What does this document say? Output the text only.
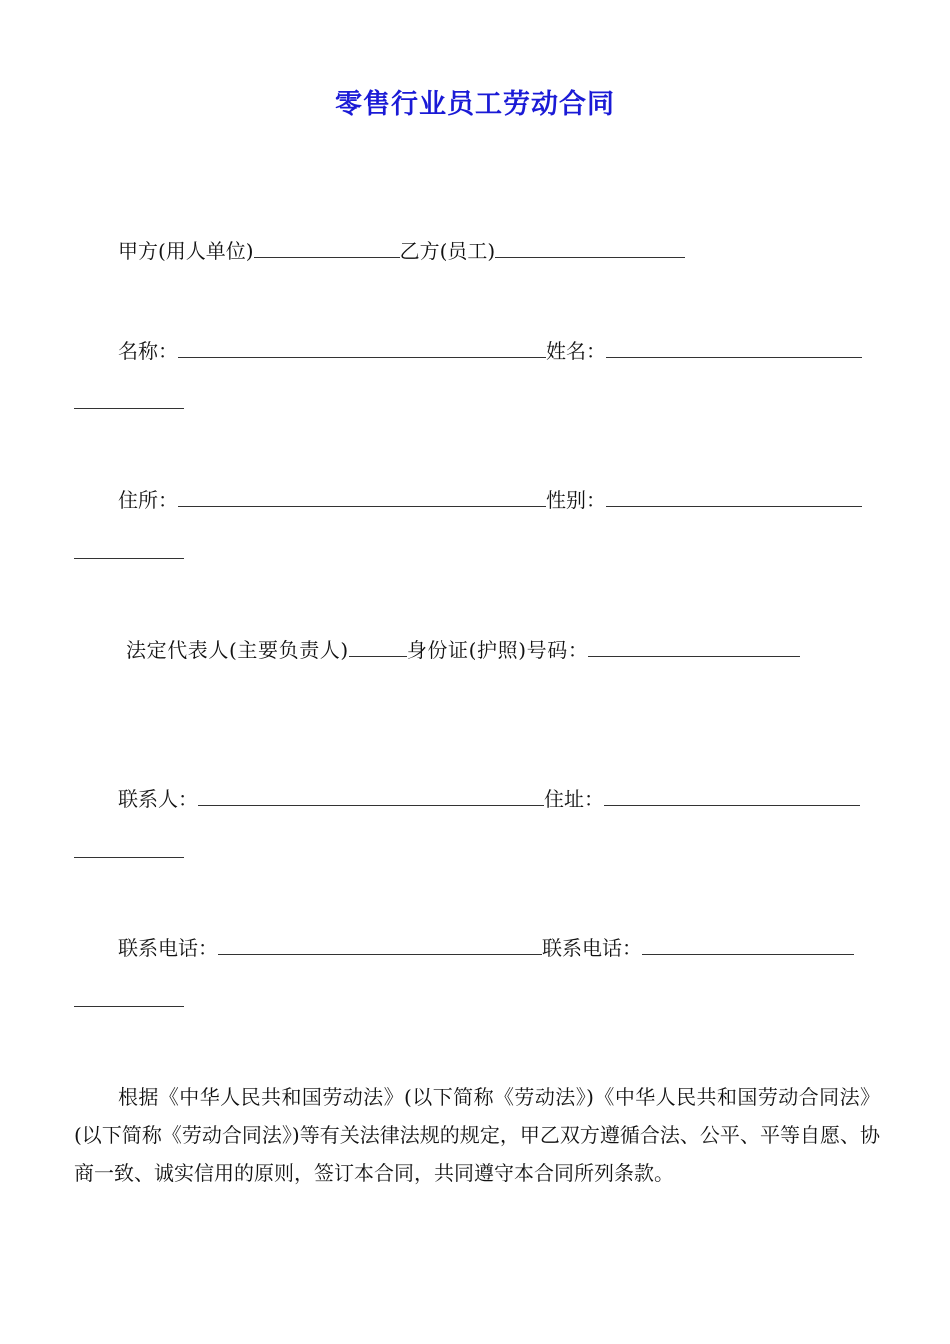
零售行业员工劳动合同
甲方(用人单位)	乙方(员工)
名称：	姓名：
住所：	性别：
法定代表人(主要负责人)	身份证(护照)号码：
联系人：	住址：
联系电话：	联系电话：

根据《中华人民共和国劳动法》(以下简称《劳动法》)《中华人民共和国劳动合同法》(以下简称《劳动合同法》)等有关法律法规的规定，甲乙双方遵循合法、公平、平等自愿、协商一致、诚实信用的原则，签订本合同，共同遵守本合同所列条款。
